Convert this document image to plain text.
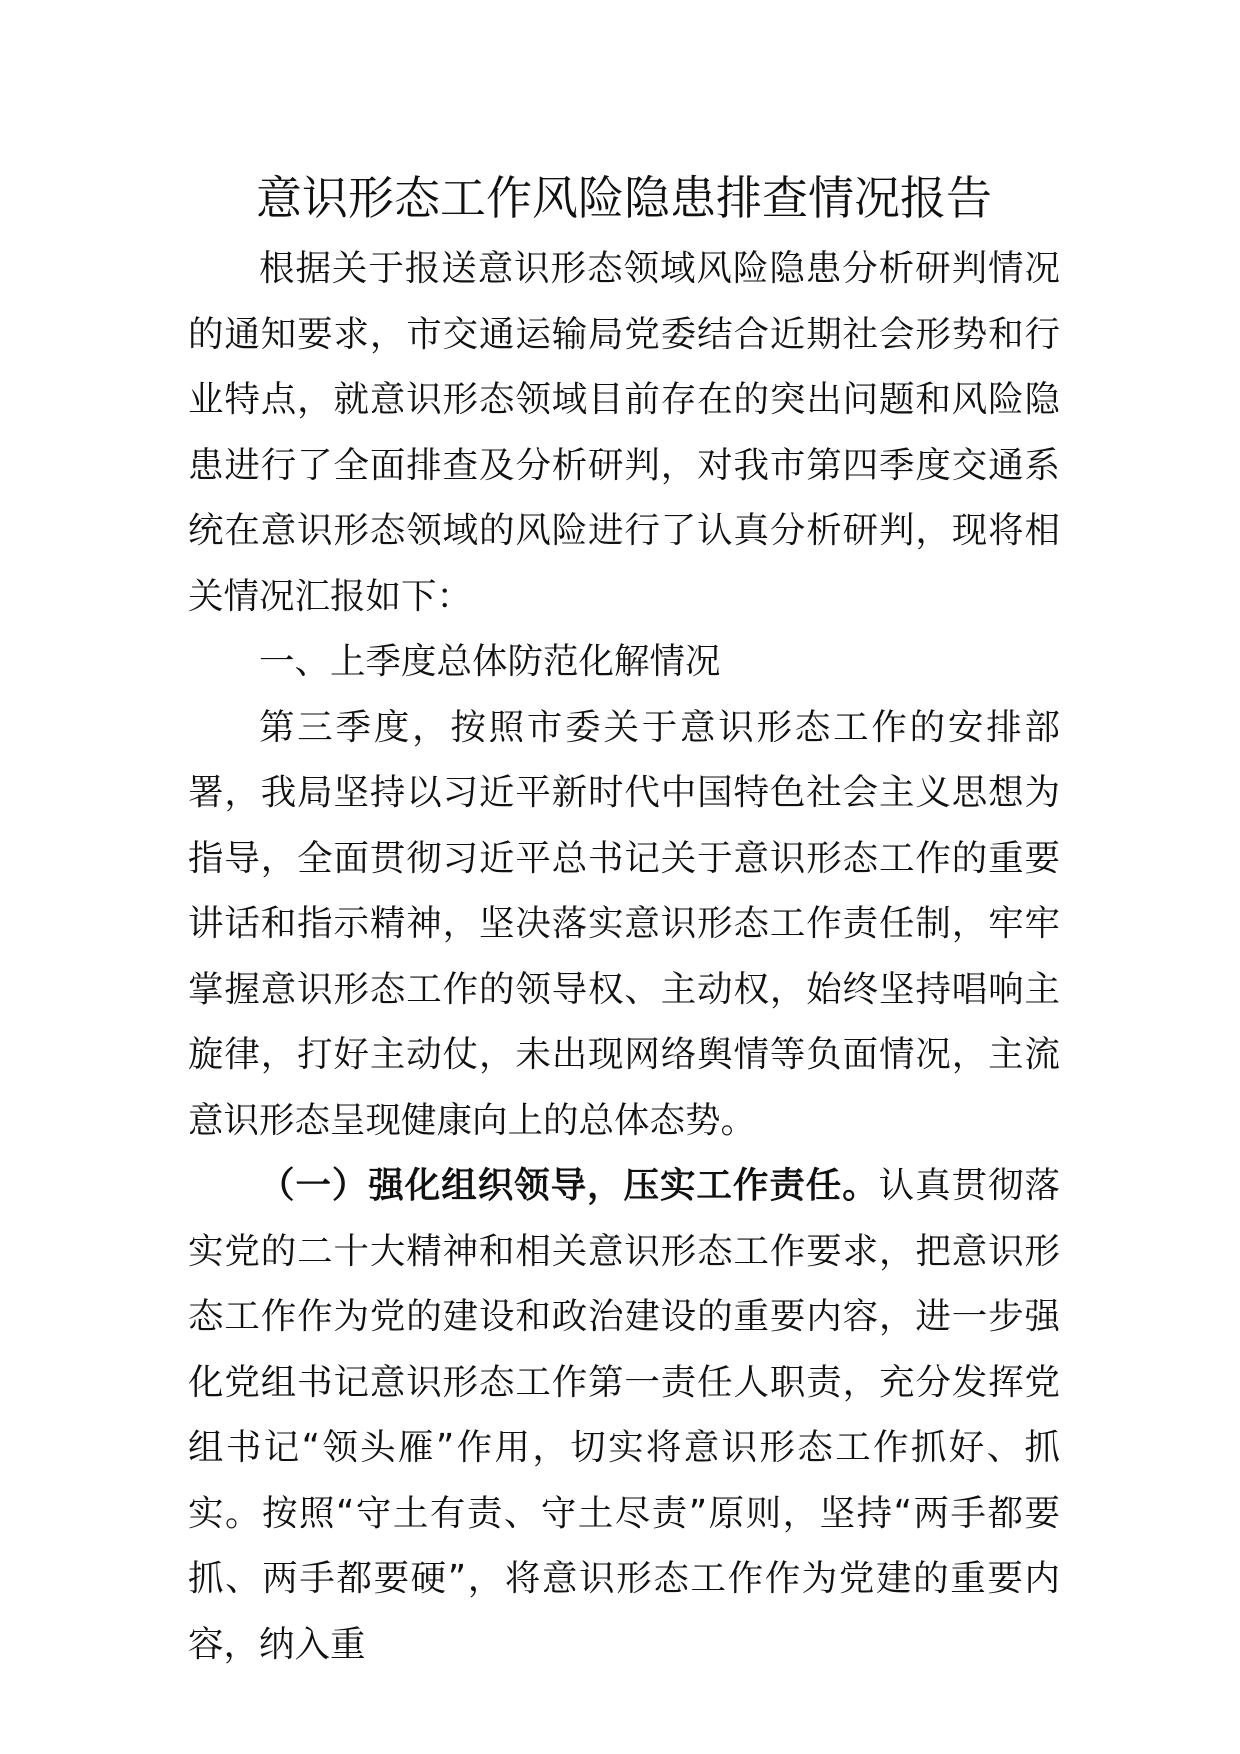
意识形态工作风险隐患排查情况报告

根据关于报送意识形态领域风险隐患分析研判情况的通知要求，市交通运输局党委结合近期社会形势和行业特点，就意识形态领域目前存在的突出问题和风险隐患进行了全面排查及分析研判，对我市第四季度交通系统在意识形态领域的风险进行了认真分析研判，现将相关情况汇报如下：

一、上季度总体防范化解情况

第三季度，按照市委关于意识形态工作的安排部署，我局坚持以习近平新时代中国特色社会主义思想为指导，全面贯彻习近平总书记关于意识形态工作的重要讲话和指示精神，坚决落实意识形态工作责任制，牢牢掌握意识形态工作的领导权、主动权，始终坚持唱响主旋律，打好主动仗，未出现网络舆情等负面情况，主流意识形态呈现健康向上的总体态势。

（一）强化组织领导，压实工作责任。认真贯彻落实党的二十大精神和相关意识形态工作要求，把意识形态工作作为党的建设和政治建设的重要内容，进一步强化党组书记意识形态工作第一责任人职责，充分发挥党组书记“领头雁”作用，切实将意识形态工作抓好、抓实。按照“守土有责、守土尽责”原则，坚持“两手都要抓、两手都要硬”，将意识形态工作作为党建的重要内容，纳入重
